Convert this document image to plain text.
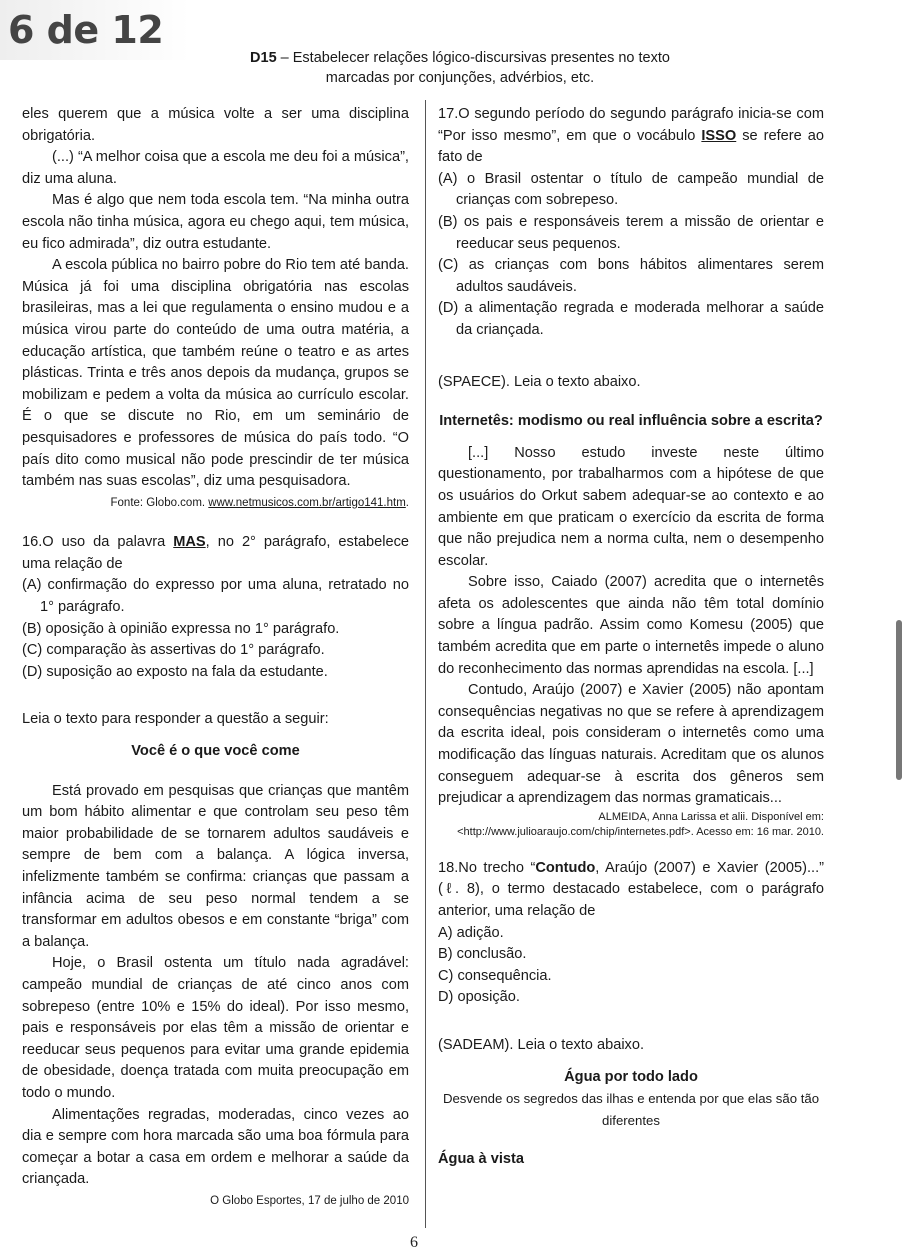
6 de 12
D15 – Estabelecer relações lógico-discursivas presentes no texto
marcadas por conjunções, advérbios, etc.

eles querem que a música volte a ser uma disciplina obrigatória.

(...) “A melhor coisa que a escola me deu foi a música”, diz uma aluna.

Mas é algo que nem toda escola tem. “Na minha outra escola não tinha música, agora eu chego aqui, tem música, eu fico admirada”, diz outra estudante.

A escola pública no bairro pobre do Rio tem até banda. Música já foi uma disciplina obrigatória nas escolas brasileiras, mas a lei que regulamenta o ensino mudou e a música virou parte do conteúdo de uma outra matéria, a educação artística, que também reúne o teatro e as artes plásticas. Trinta e três anos depois da mudança, grupos se mobilizam e pedem a volta da música ao currículo escolar. É o que se discute no Rio, em um seminário de pesquisadores e professores de música do país todo. “O país dito como musical não pode prescindir de ter música também nas suas escolas”, diz uma pesquisadora.

Fonte: Globo.com. www.netmusicos.com.br/artigo141.htm.

16.O uso da palavra MAS, no 2° parágrafo, estabelece uma relação de

(A) confirmação do expresso por uma aluna, retratado no 1° parágrafo.

(B) oposição à opinião expressa no 1° parágrafo.

(C) comparação às assertivas do 1° parágrafo.

(D) suposição ao exposto na fala da estudante.

Leia o texto para responder a questão a seguir:

Você é o que você come

Está provado em pesquisas que crianças que mantêm um bom hábito alimentar e que controlam seu peso têm maior probabilidade de se tornarem adultos saudáveis e sempre de bem com a balança. A lógica inversa, infelizmente também se confirma: crianças que passam a infância acima de seu peso normal tendem a se transformar em adultos obesos e em constante “briga” com a balança.

Hoje, o Brasil ostenta um título nada agradável: campeão mundial de crianças de até cinco anos com sobrepeso (entre 10% e 15% do ideal). Por isso mesmo, pais e responsáveis por elas têm a missão de orientar e reeducar seus pequenos para evitar uma grande epidemia de obesidade, doença tratada com muita preocupação em todo o mundo.

Alimentações regradas, moderadas, cinco vezes ao dia e sempre com hora marcada são uma boa fórmula para começar a botar a casa em ordem e melhorar a saúde da criançada.

O Globo Esportes, 17 de julho de 2010

17.O segundo período do segundo parágrafo inicia-se com “Por isso mesmo”, em que o vocábulo ISSO se refere ao fato de

(A) o Brasil ostentar o título de campeão mundial de crianças com sobrepeso.

(B) os pais e responsáveis terem a missão de orientar e reeducar seus pequenos.

(C) as crianças com bons hábitos alimentares serem adultos saudáveis.

(D) a alimentação regrada e moderada melhorar a saúde da criançada.

(SPAECE). Leia o texto abaixo.

Internetês: modismo ou real influência sobre a escrita?

[...] Nosso estudo investe neste último questionamento, por trabalharmos com a hipótese de que os usuários do Orkut sabem adequar-se ao contexto e ao ambiente em que praticam o exercício da escrita de forma que não prejudica nem a norma culta, nem o desempenho escolar.

Sobre isso, Caiado (2007) acredita que o internetês afeta os adolescentes que ainda não têm total domínio sobre a língua padrão. Assim como Komesu (2005) que também acredita que em parte o internetês impede o aluno do reconhecimento das normas aprendidas na escola. [...]

Contudo, Araújo (2007) e Xavier (2005) não apontam consequências negativas no que se refere à aprendizagem da escrita ideal, pois consideram o internetês como uma modificação das línguas naturais. Acreditam que os alunos conseguem adequar-se à escrita dos gêneros sem prejudicar a aprendizagem das normas gramaticais...

ALMEIDA, Anna Larissa et alii. Disponível em:

<http://www.julioaraujo.com/chip/internetes.pdf>. Acesso em: 16 mar. 2010.

18.No trecho “Contudo, Araújo (2007) e Xavier (2005)...” (ℓ. 8), o termo destacado estabelece, com o parágrafo anterior, uma relação de

A) adição.

B) conclusão.

C) consequência.

D) oposição.

(SADEAM). Leia o texto abaixo.

Água por todo lado

Desvende os segredos das ilhas e entenda por que elas são tão diferentes

Água à vista

6
